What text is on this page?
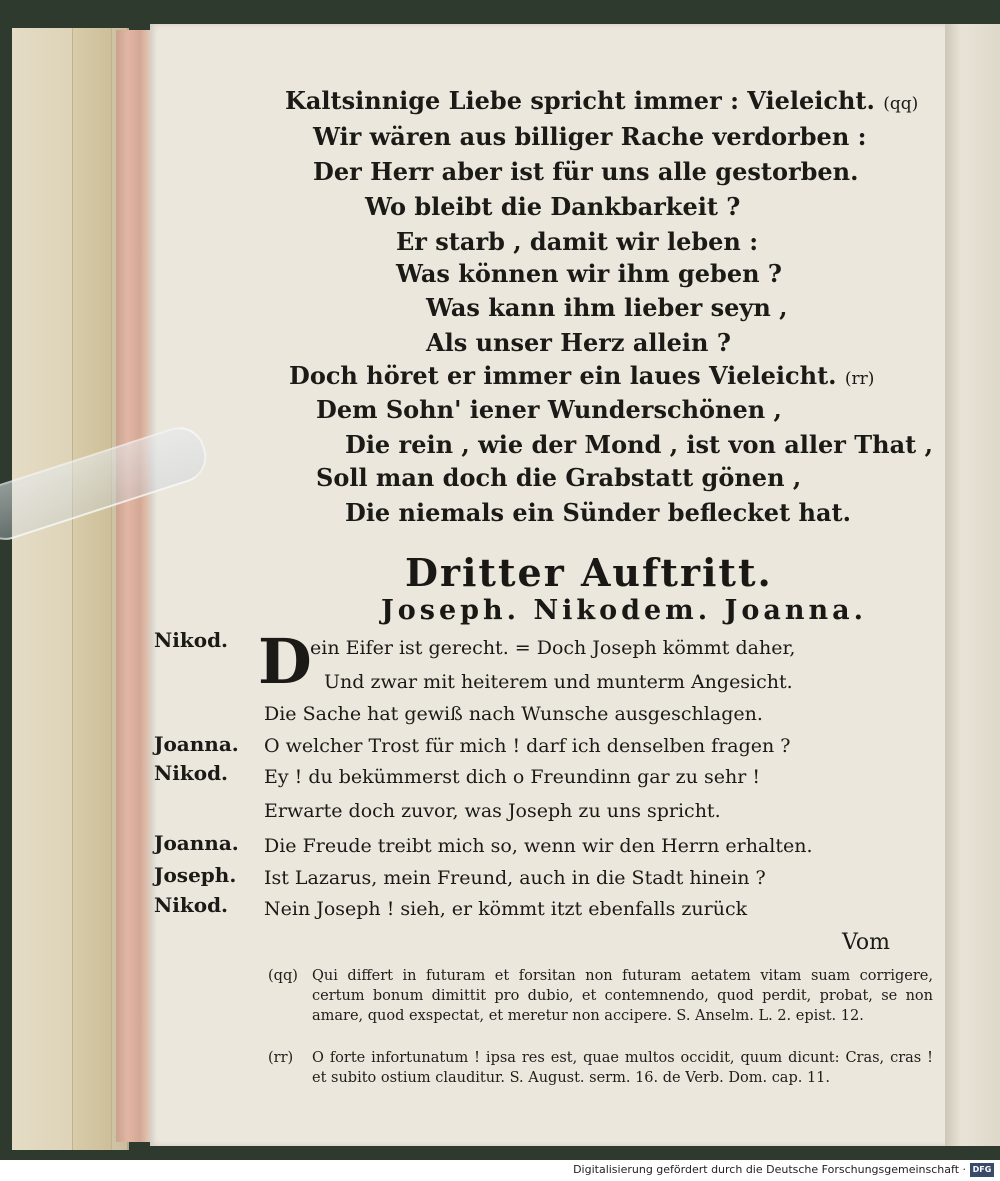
Kaltsinnige Liebe spricht immer : Vieleicht. (qq)
Wir wären aus billiger Rache verdorben :
Der Herr aber ist für uns alle gestorben.
Wo bleibt die Dankbarkeit ?
Er starb , damit wir leben :
Was können wir ihm geben ?
Was kann ihm lieber seyn ,
Als unser Herz allein ?
Doch höret er immer ein laues Vieleicht. (rr)
Dem Sohn' iener Wunderschönen ,
Die rein , wie der Mond , ist von aller That ,
Soll man doch die Grabstatt gönen ,
Die niemals ein Sünder beflecket hat.
Dritter Auftritt.
Joseph. Nikodem. Joanna.
D
Nikod.	ein Eifer ist gerecht. = Doch Joseph kömmt daher,
Und zwar mit heiterem und munterm Angesicht.
Die Sache hat gewiß nach Wunsche ausgeschlagen.
Joanna. O welcher Trost für mich ! darf ich denselben fragen ?
Nikod. Ey ! du bekümmerst dich o Freundinn gar zu sehr !
Erwarte doch zuvor, was Joseph zu uns spricht.
Joanna. Die Freude treibt mich so, wenn wir den Herrn erhalten.
Joseph. Ist Lazarus, mein Freund, auch in die Stadt hinein ?
Nikod. Nein Joseph ! sieh, er kömmt itzt ebenfalls zurück
Vom
(qq) Qui differt in futuram et forsitan non futuram aetatem vitam suam corrigere, certum bonum dimittit pro dubio, et contemnendo, quod perdit, probat, se non amare, quod exspectat, et meretur non accipere. S. Anselm. L. 2. epist. 12.
(rr)	O forte infortunatum ! ipsa res est, quae multos occidit, quum dicunt: Cras, cras ! et subito ostium clauditur. S. August. serm. 16. de Verb. Dom. cap. 11.
Digitalisierung gefördert durch die Deutsche Forschungsgemeinschaft · DFG
